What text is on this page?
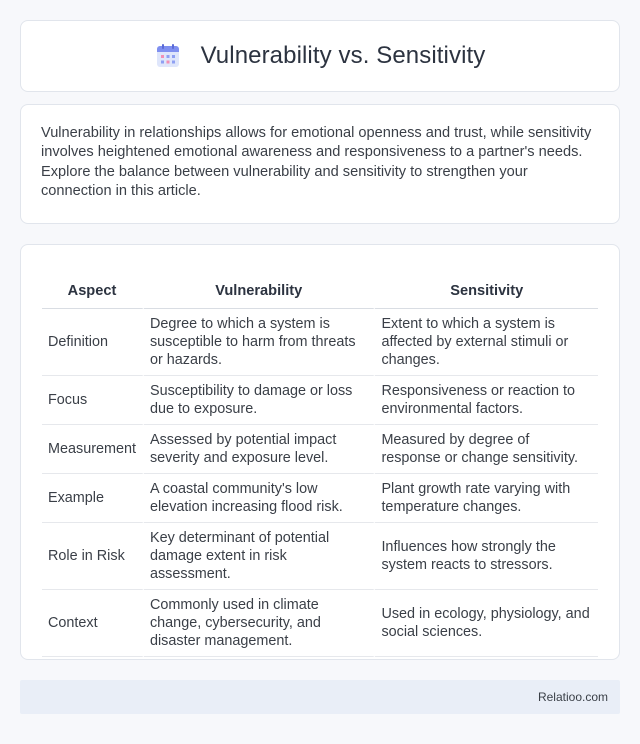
Vulnerability vs. Sensitivity

Vulnerability in relationships allows for emotional openness and trust, while sensitivity involves heightened emotional awareness and responsiveness to a partner's needs. Explore the balance between vulnerability and sensitivity to strengthen your connection in this article.

Aspect	Vulnerability	Sensitivity
Definition	Degree to which a system is susceptible to harm from threats or hazards.	Extent to which a system is affected by external stimuli or changes.
Focus	Susceptibility to damage or loss due to exposure.	Responsiveness or reaction to environmental factors.
Measurement	Assessed by potential impact severity and exposure level.	Measured by degree of response or change sensitivity.
Example	A coastal community's low elevation increasing flood risk.	Plant growth rate varying with temperature changes.
Role in Risk	Key determinant of potential damage extent in risk assessment.	Influences how strongly the system reacts to stressors.
Context	Commonly used in climate change, cybersecurity, and disaster management.	Used in ecology, physiology, and social sciences.
Relatioo.com
